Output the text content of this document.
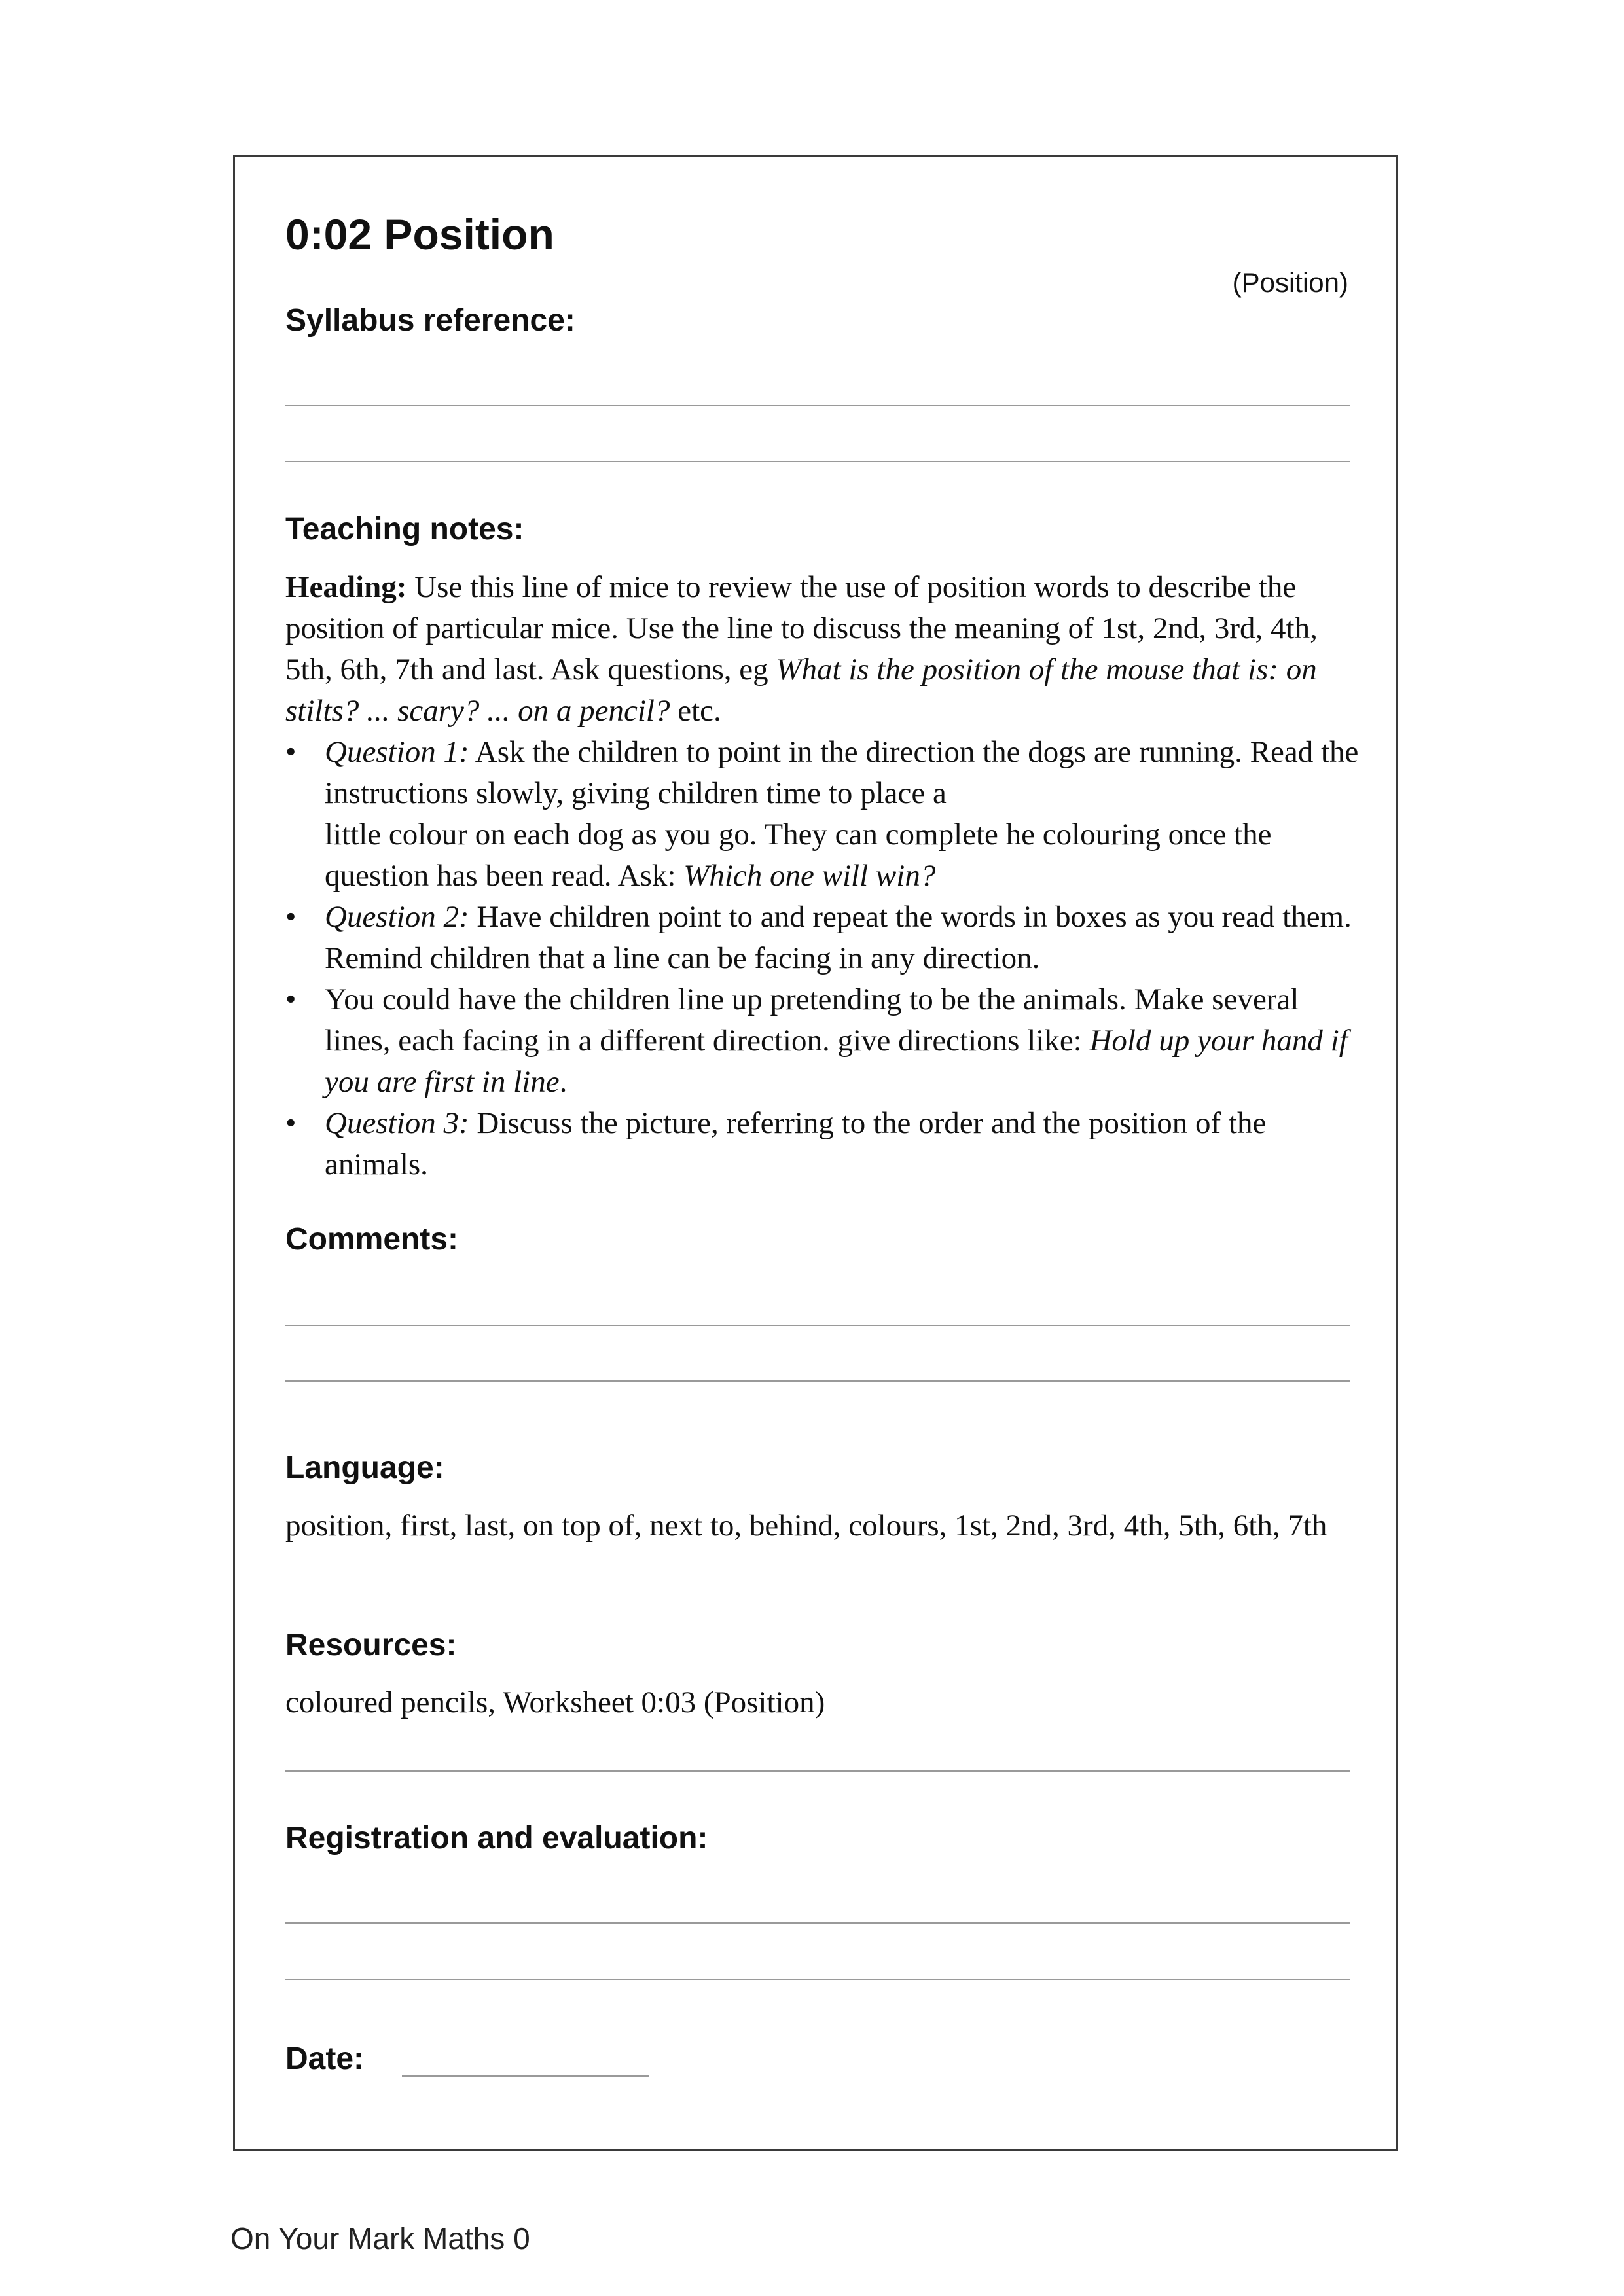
0:02 Position
(Position)
Syllabus reference:
Teaching notes:

Heading: Use this line of mice to review the use of position words to describe the position of particular mice. Use the line to discuss the meaning of 1st, 2nd, 3rd, 4th, 5th, 6th, 7th and last. Ask questions, eg What is the position of the mouse that is: on stilts? ... scary? ... on a pencil? etc.

• Question 1: Ask the children to point in the direction the dogs are running. Read the instructions slowly, giving children time to place a
little colour on each dog as you go. They can complete he colouring once the question has been read. Ask: Which one will win?
• Question 2: Have children point to and repeat the words in boxes as you read them. Remind children that a line can be facing in any direction.
• You could have the children line up pretending to be the animals. Make several lines, each facing in a different direction. give directions like: Hold up your hand if you are first in line.
• Question 3: Discuss the picture, referring to the order and the position of the animals.
Comments:
Language:

position, first, last, on top of, next to, behind, colours, 1st, 2nd, 3rd, 4th, 5th, 6th, 7th

Resources:

coloured pencils, Worksheet 0:03 (Position)

Registration and evaluation:
Date:
On Your Mark Maths 0
